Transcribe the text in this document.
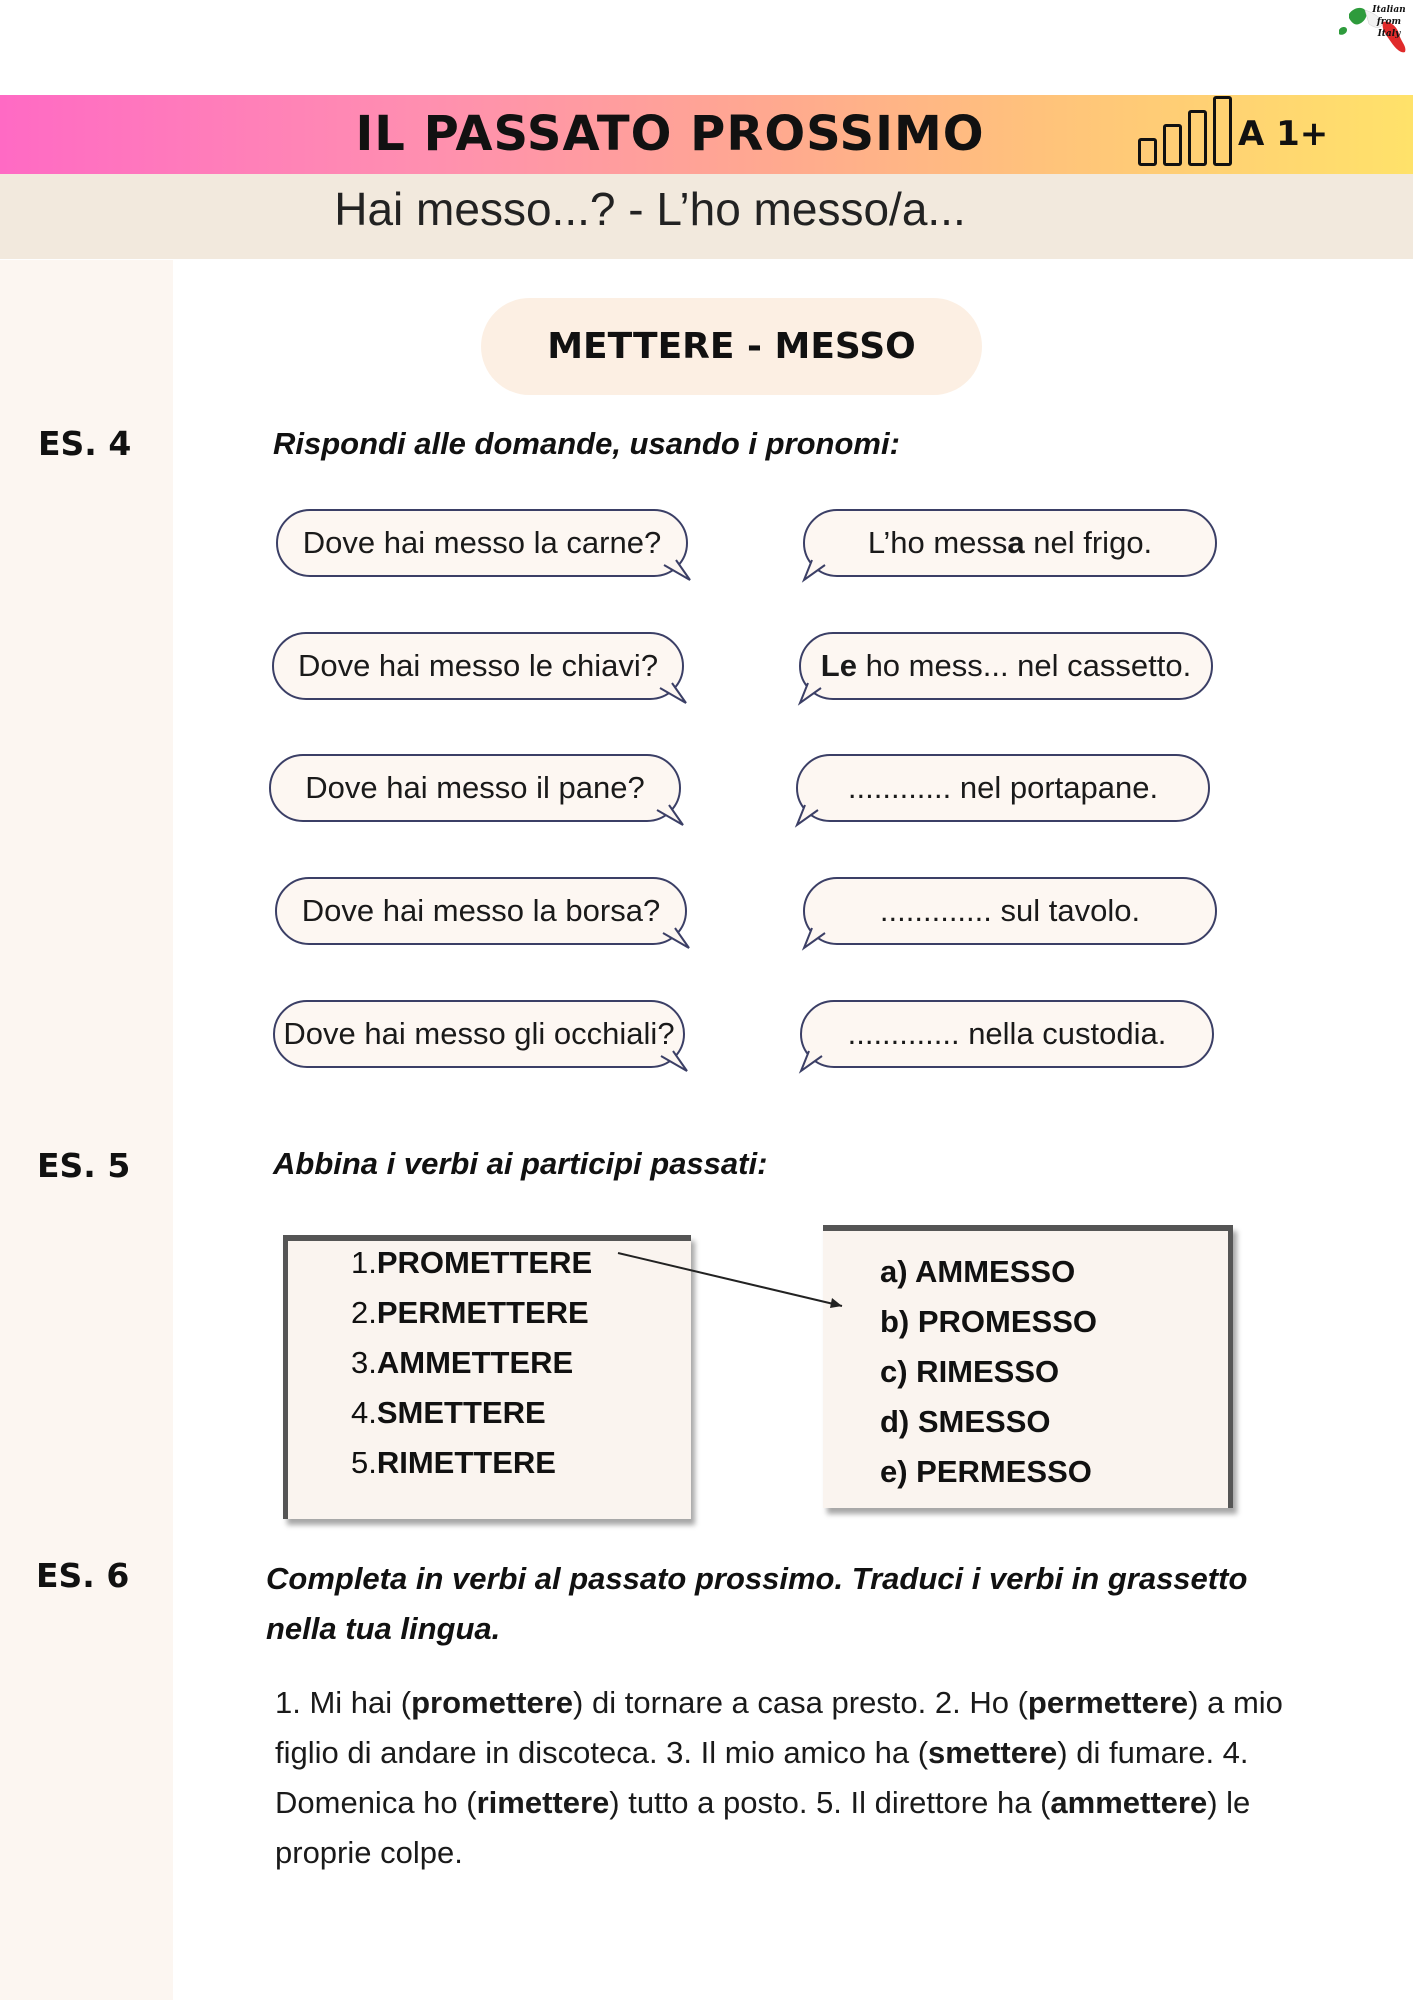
Italian from Italy
IL PASSATO PROSSIMO	A 1+
Hai messo...? - L’ho messo/a...
METTERE - MESSO
ES. 4	Rispondi alle domande, usando i pronomi:
Dove hai messo la carne?
Dove hai messo le chiavi?
Dove hai messo il pane?
Dove hai messo la borsa?
Dove hai messo gli occhiali?
L’ho messa nel frigo.
Le ho mess... nel cassetto.
............ nel portapane.
............. sul tavolo.
............. nella custodia.
ES. 5	Abbina i verbi ai participi passati:
1.PROMETTERE
2.PERMETTERE
3.AMMETTERE
4.SMETTERE
5.RIMETTERE
a) AMMESSO
b) PROMESSO
c) RIMESSO
d) SMESSO
e) PERMESSO
ES. 6	Completa in verbi al passato prossimo. Traduci i verbi in grassetto
nella tua lingua.
1. Mi hai (promettere) di tornare a casa presto. 2. Ho (permettere) a mio figlio di andare in discoteca. 3. Il mio amico ha (smettere) di fumare. 4. Domenica ho (rimettere) tutto a posto. 5. Il direttore ha (ammettere) le proprie colpe.
